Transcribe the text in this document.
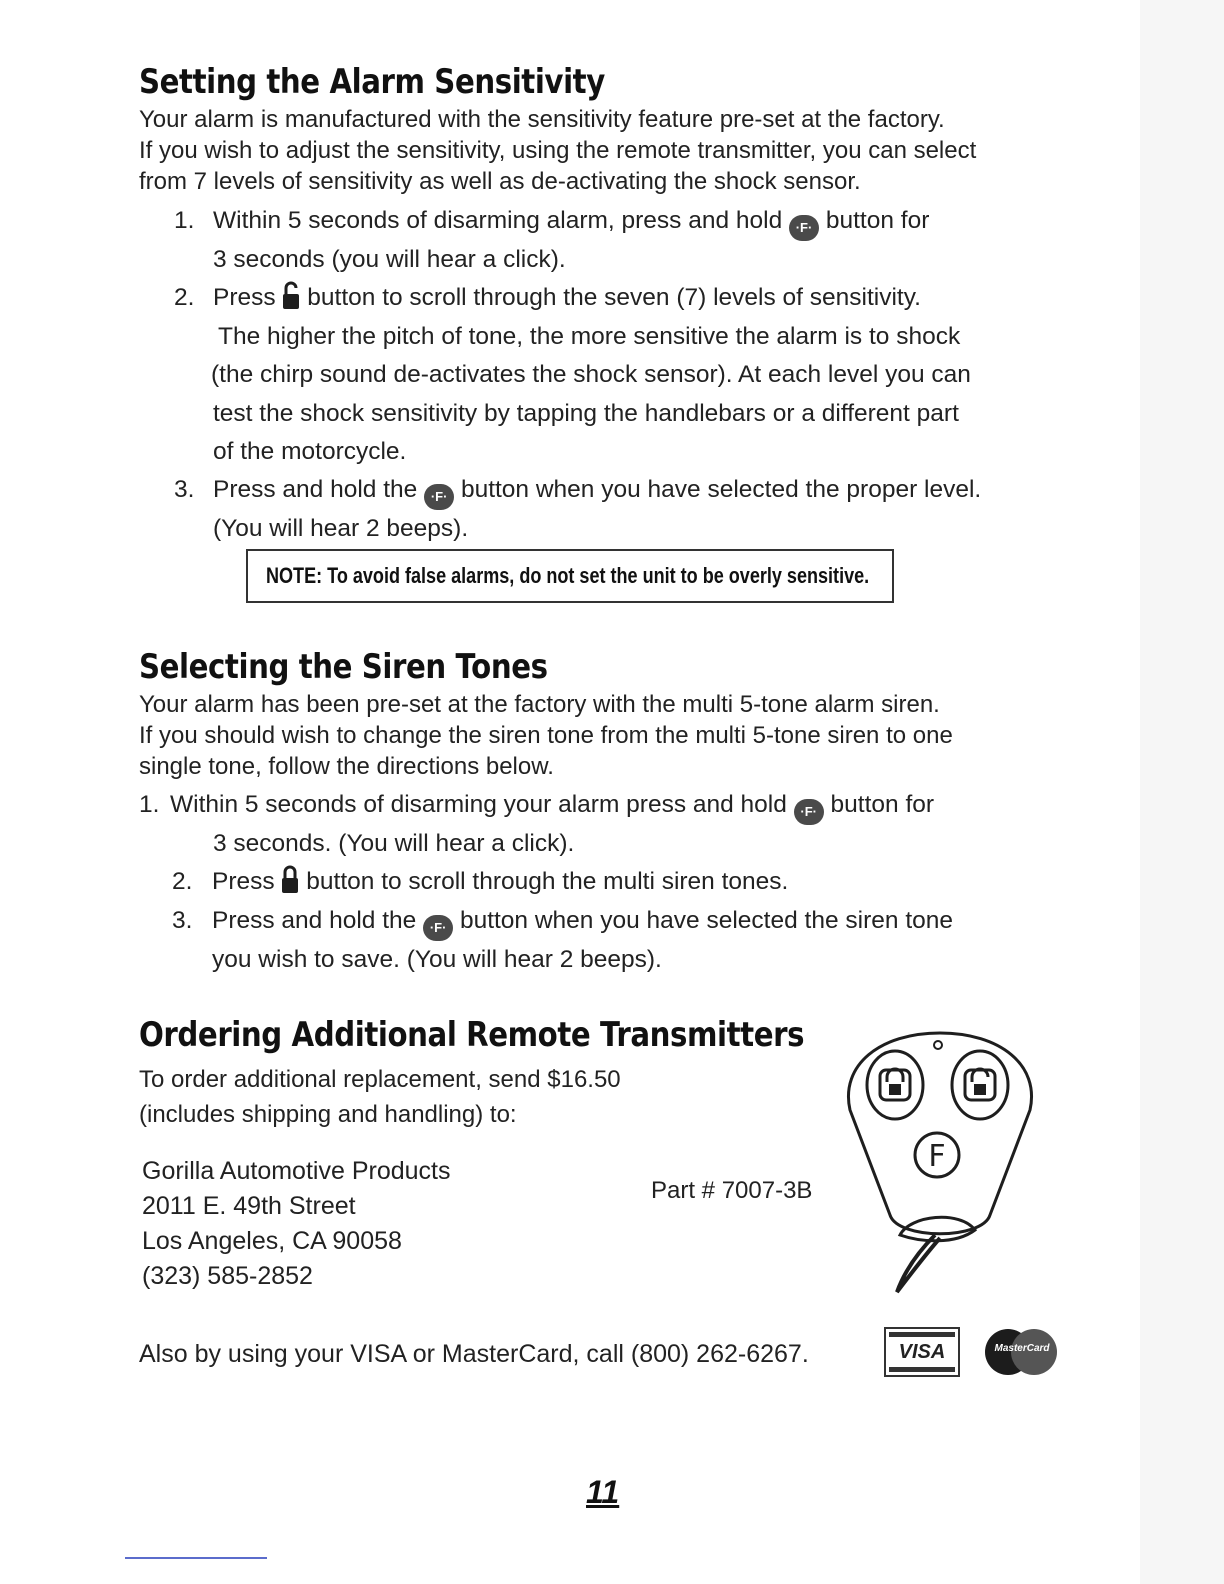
Setting the Alarm Sensitivity
Your alarm is manufactured with the sensitivity feature pre-set at the factory.
If you wish to adjust the sensitivity, using the remote transmitter, you can select
from 7 levels of sensitivity as well as de-activating the shock sensor.
1. Within 5 seconds of disarming alarm, press and hold ·F· button for
3 seconds (you will hear a click).
2. Press button to scroll through the seven (7) levels of sensitivity.
The higher the pitch of tone, the more sensitive the alarm is to shock
(the chirp sound de-activates the shock sensor). At each level you can
test the shock sensitivity by tapping the handlebars or a different part
of the motorcycle.
3. Press and hold the ·F· button when you have selected the proper level.
(You will hear 2 beeps).
NOTE: To avoid false alarms, do not set the unit to be overly sensitive.
Selecting the Siren Tones
Your alarm has been pre-set at the factory with the multi 5-tone alarm siren.
If you should wish to change the siren tone from the multi 5-tone siren to one
single tone, follow the directions below.
1. Within 5 seconds of disarming your alarm press and hold ·F· button for
3 seconds. (You will hear a click).
2. Press button to scroll through the multi siren tones.
3. Press and hold the ·F· button when you have selected the siren tone
you wish to save. (You will hear 2 beeps).
Ordering Additional Remote Transmitters
To order additional replacement, send $16.50
(includes shipping and handling) to:
Gorilla Automotive Products
2011 E. 49th Street
Los Angeles, CA 90058
(323) 585-2852
Part # 7007-3B
F
Also by using your VISA or MasterCard, call (800) 262-6267.	VISA	MasterCard
11
